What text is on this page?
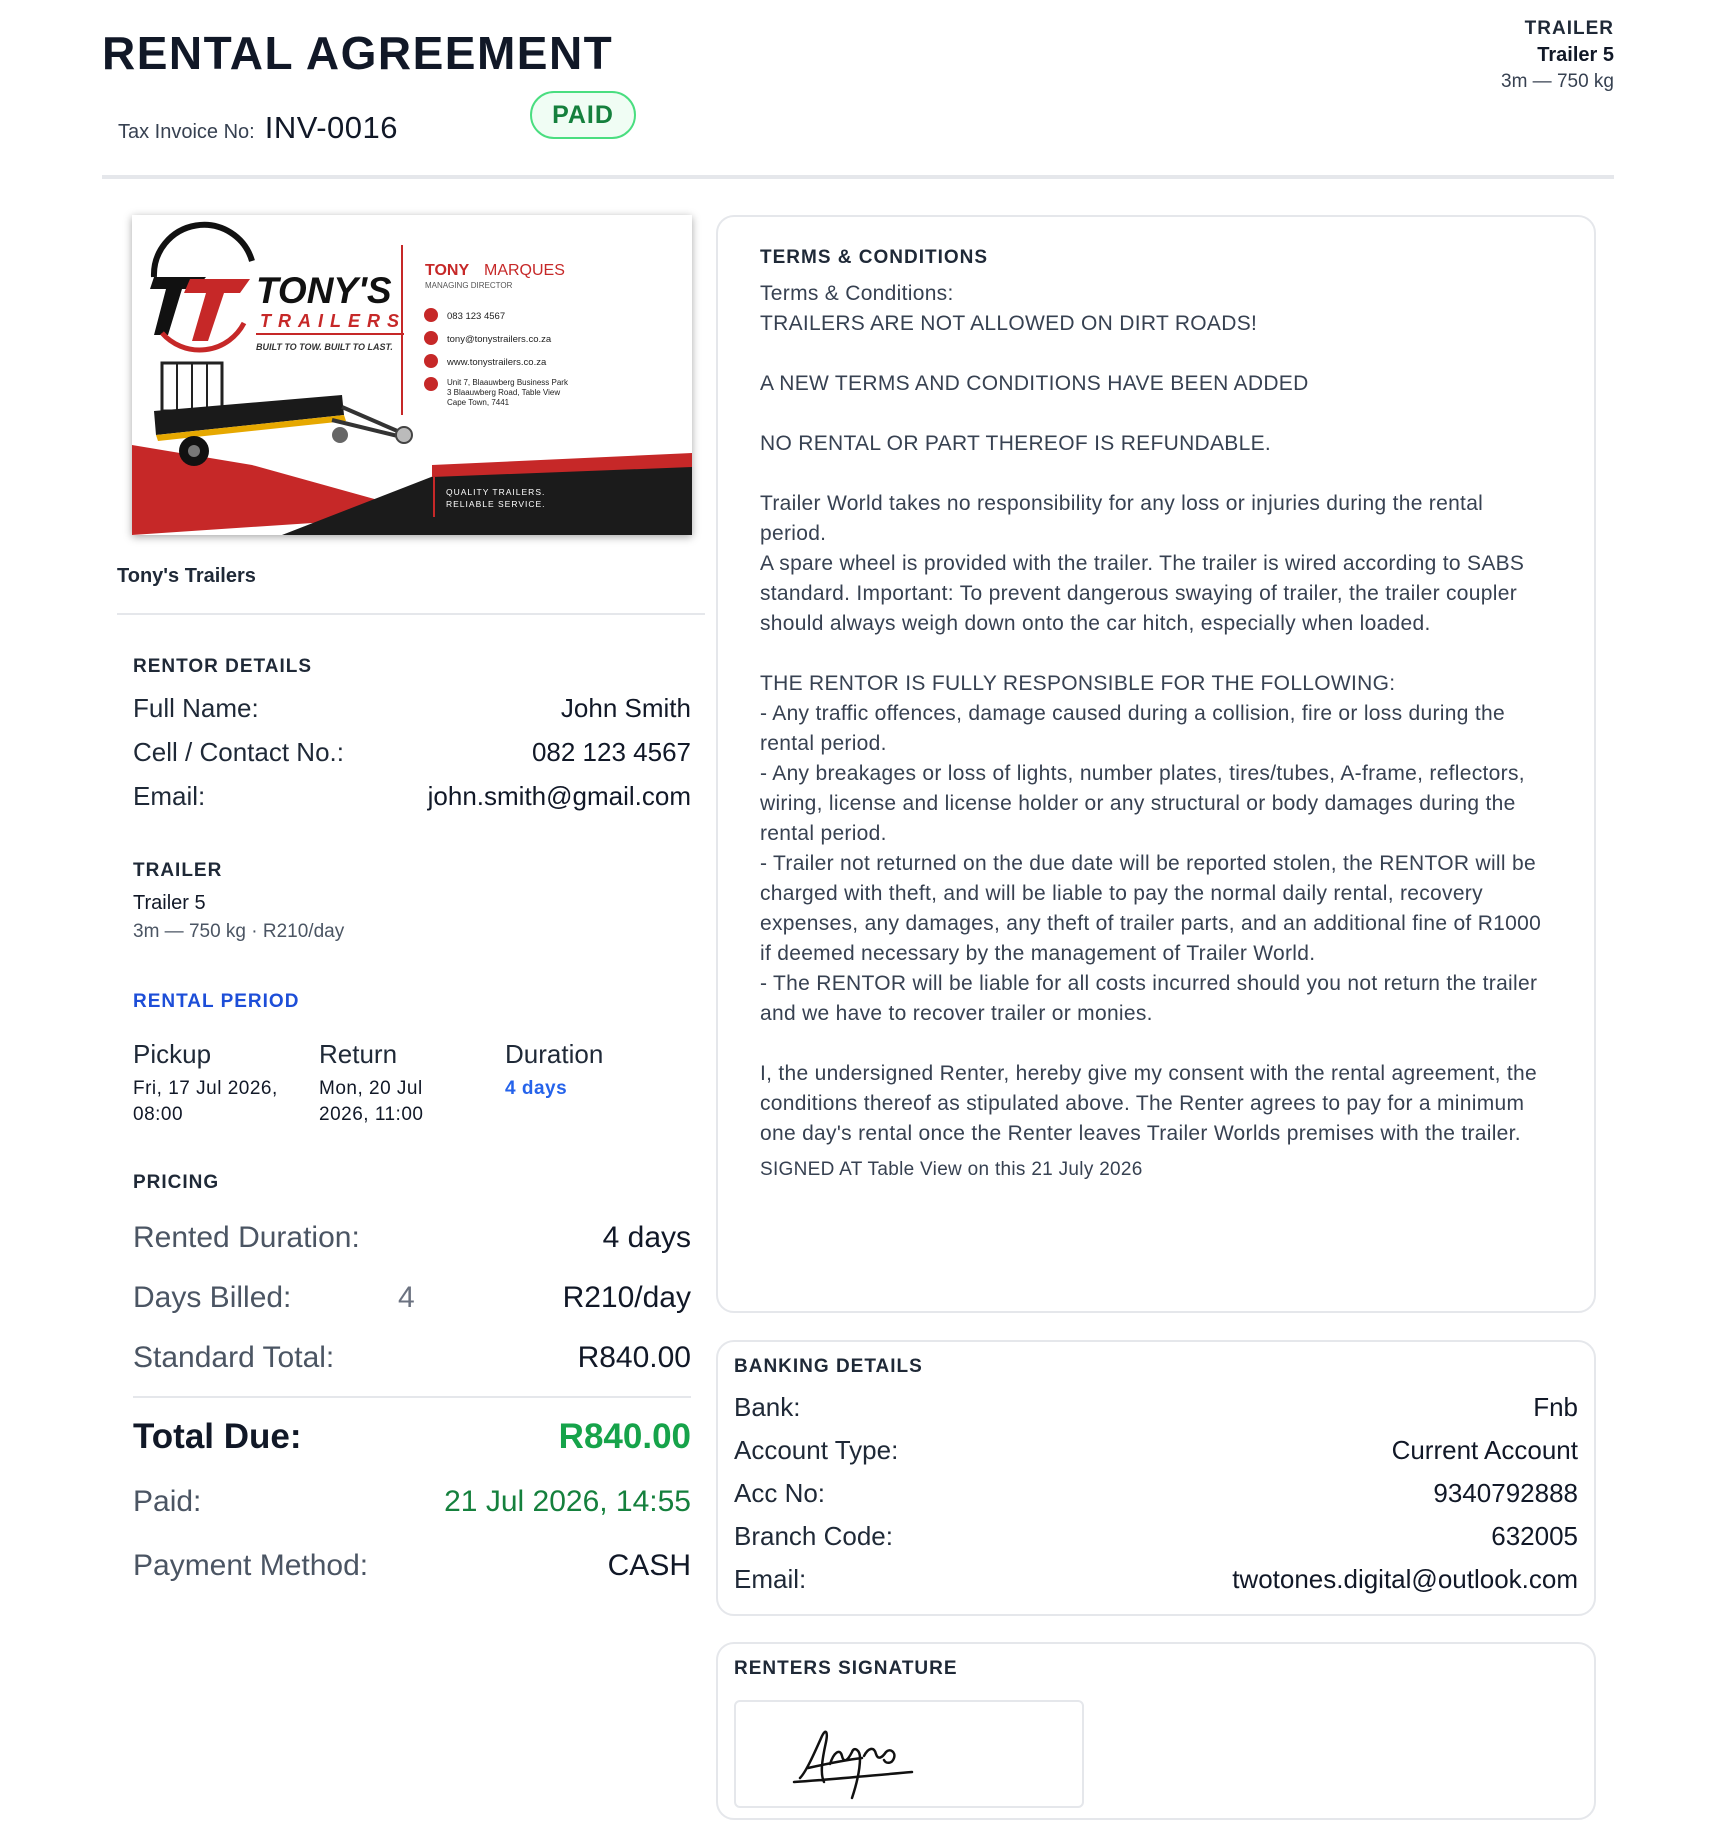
RENTAL AGREEMENT
Tax Invoice No: INV-0016	PAID
TRAILER
Trailer 5
3m — 750 kg
TONY'S
TRAILERS
BUILT TO TOW. BUILT TO LAST.
TONY MARQUES
MANAGING DIRECTOR
083 123 4567
tony@tonystrailers.co.za
www.tonystrailers.co.za
Unit 7, Blaauwberg Business Park
3 Blaauwberg Road, Table View
Cape Town, 7441
QUALITY TRAILERS.
RELIABLE SERVICE.
Tony's Trailers
RENTOR DETAILS
Full Name:	John Smith
Cell / Contact No.:	082 123 4567
Email:	john.smith@gmail.com
TRAILER
Trailer 5
3m — 750 kg · R210/day
RENTAL PERIOD
Pickup
Fri, 17 Jul 2026,
08:00
Return
Mon, 20 Jul
2026, 11:00
Duration
4 days
PRICING
Rented Duration:	4 days
Days Billed:	4	R210/day
Standard Total:	R840.00
Total Due:	R840.00
Paid:	21 Jul 2026, 14:55
Payment Method:	CASH
TERMS & CONDITIONS
Terms & Conditions:
TRAILERS ARE NOT ALLOWED ON DIRT ROADS!

A NEW TERMS AND CONDITIONS HAVE BEEN ADDED

NO RENTAL OR PART THEREOF IS REFUNDABLE.

Trailer World takes no responsibility for any loss or injuries during the rental period.
A spare wheel is provided with the trailer. The trailer is wired according to SABS standard. Important: To prevent dangerous swaying of trailer, the trailer coupler should always weigh down onto the car hitch, especially when loaded.

THE RENTOR IS FULLY RESPONSIBLE FOR THE FOLLOWING:
- Any traffic offences, damage caused during a collision, fire or loss during the rental period.
- Any breakages or loss of lights, number plates, tires/tubes, A-frame, reflectors, wiring, license and license holder or any structural or body damages during the rental period.
- Trailer not returned on the due date will be reported stolen, the RENTOR will be charged with theft, and will be liable to pay the normal daily rental, recovery expenses, any damages, any theft of trailer parts, and an additional fine of R1000 if deemed necessary by the management of Trailer World.
- The RENTOR will be liable for all costs incurred should you not return the trailer and we have to recover trailer or monies.

I, the undersigned Renter, hereby give my consent with the rental agreement, the conditions thereof as stipulated above. The Renter agrees to pay for a minimum one day's rental once the Renter leaves Trailer Worlds premises with the trailer.
SIGNED AT Table View on this 21 July 2026
BANKING DETAILS
Bank:	Fnb
Account Type:	Current Account
Acc No:	9340792888
Branch Code:	632005
Email:	twotones.digital@outlook.com
RENTERS SIGNATURE
